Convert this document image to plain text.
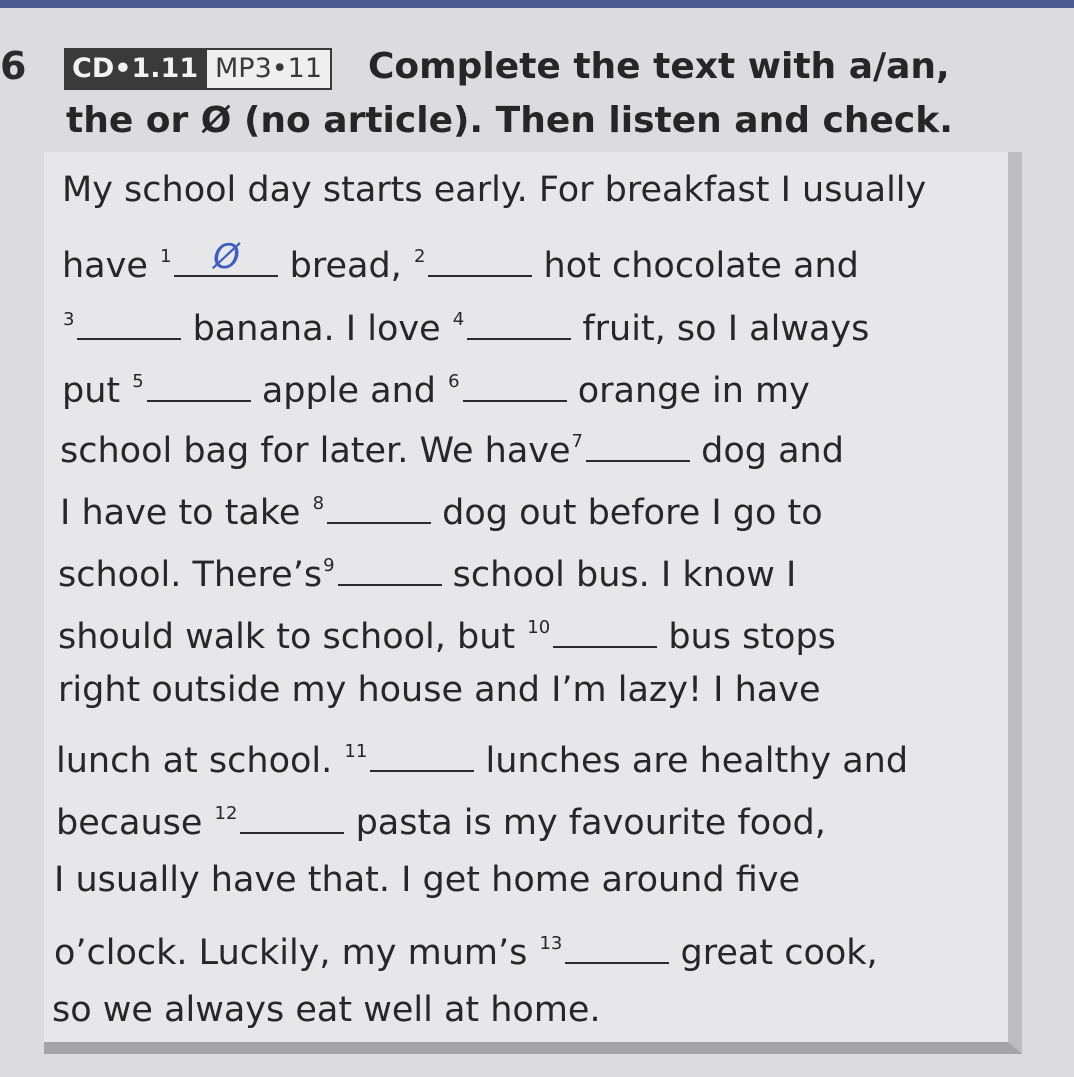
6 CD•1.11 MP3•11	Complete the text with a/an, the or Ø (no article). Then listen and check.

My school day starts early. For breakfast I usually
have $^1$	Ø	bread, $^2$	hot chocolate and
$^3$	banana. I love $^4$	fruit, so I always
put $^5$	apple and $^6$	orange in my
school bag for later. We have$^7$	dog and
I have to take $^8$	dog out before I go to
school. $There’s^9$	school bus. I know I
should walk to school, but $^{10}$	bus stops
right outside my house and I’m lazy! I have
lunch at school. $^{11}$	lunches are healthy and
because $^{12}$	pasta is my favourite food,
I usually have that. I get home around five
o’clock. Luckily, my mum’s $^{13}$	great cook,
so we always eat well at home.
